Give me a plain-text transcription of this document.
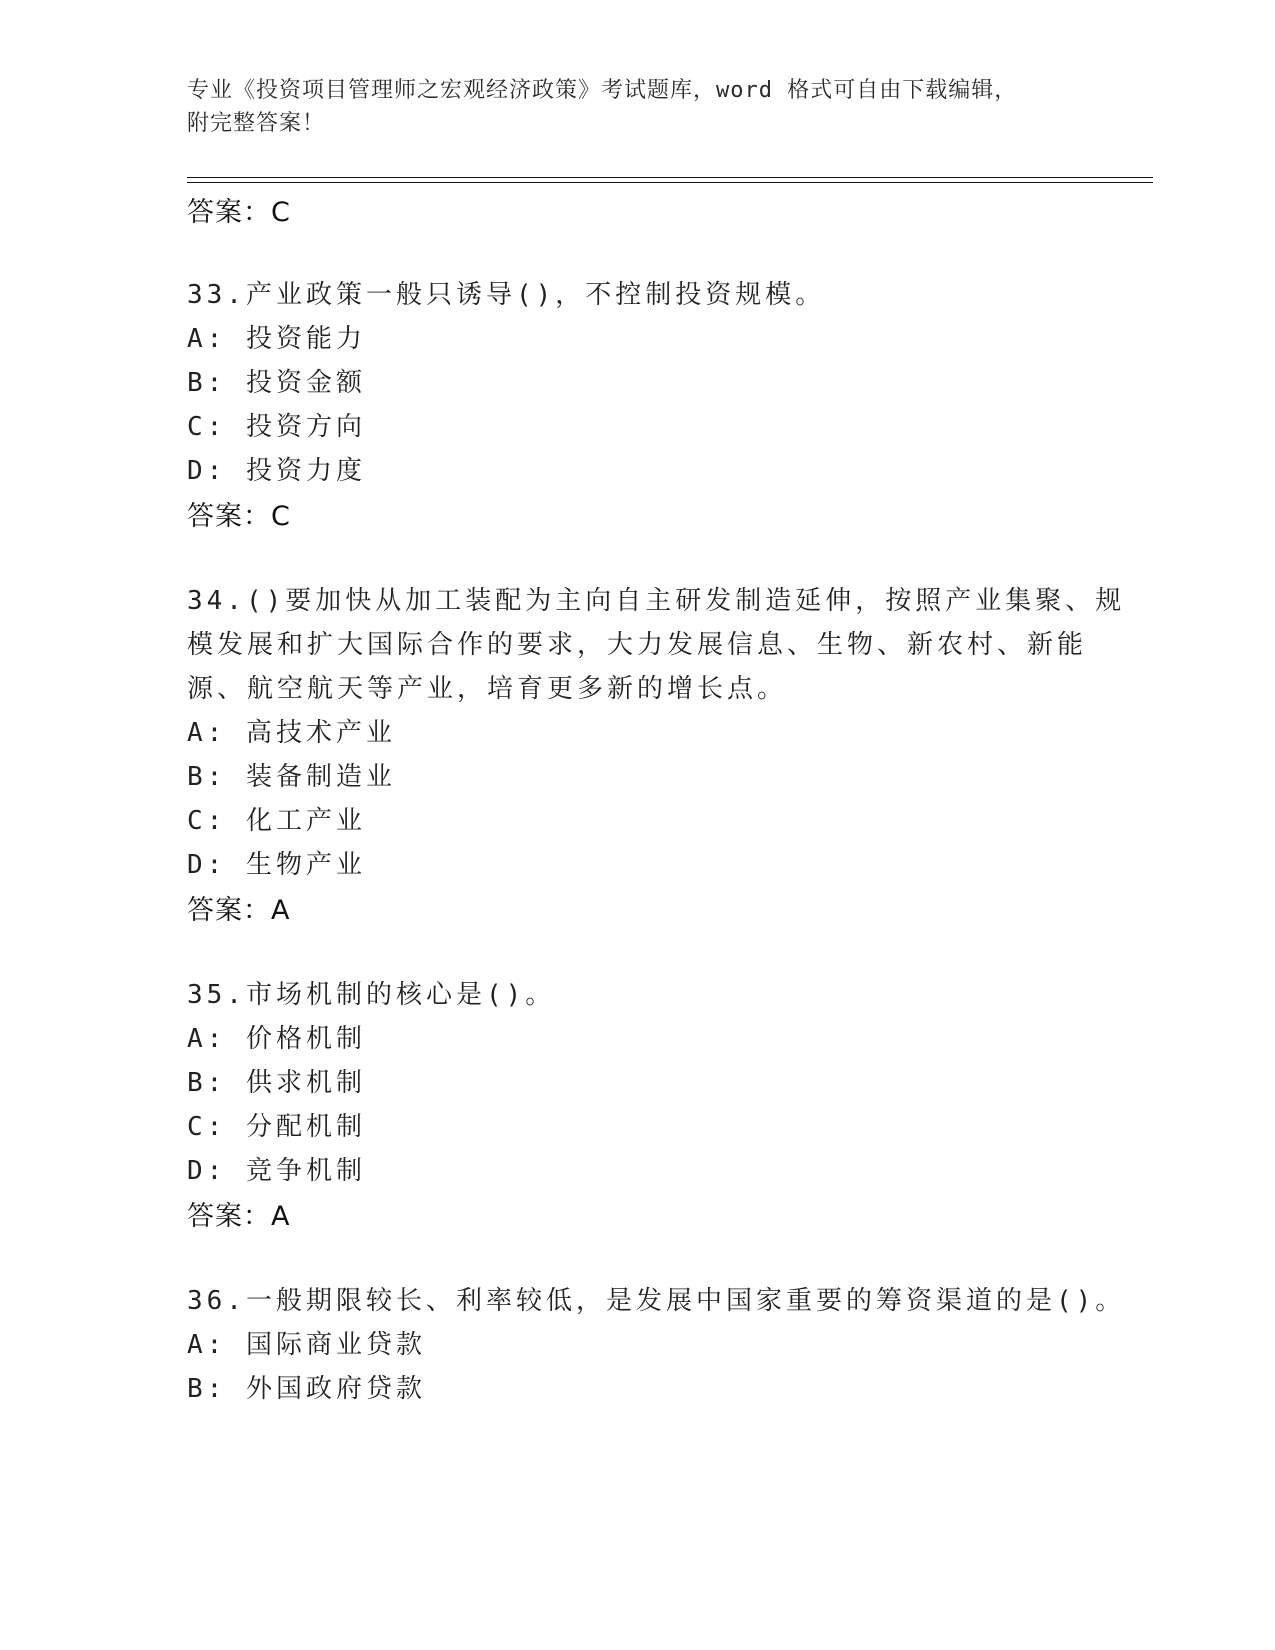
专业《投资项目管理师之宏观经济政策》考试题库，word 格式可自由下载编辑，
附完整答案！
答案：C
33.产业政策一般只诱导()，不控制投资规模。
A: 投资能力
B: 投资金额
C: 投资方向
D: 投资力度
答案：C
34.()要加快从加工装配为主向自主研发制造延伸，按照产业集聚、规
模发展和扩大国际合作的要求，大力发展信息、生物、新农村、新能
源、航空航天等产业，培育更多新的增长点。
A: 高技术产业
B: 装备制造业
C: 化工产业
D: 生物产业
答案：A
35.市场机制的核心是()。
A: 价格机制
B: 供求机制
C: 分配机制
D: 竞争机制
答案：A
36.一般期限较长、利率较低，是发展中国家重要的筹资渠道的是()。
A: 国际商业贷款
B: 外国政府贷款
